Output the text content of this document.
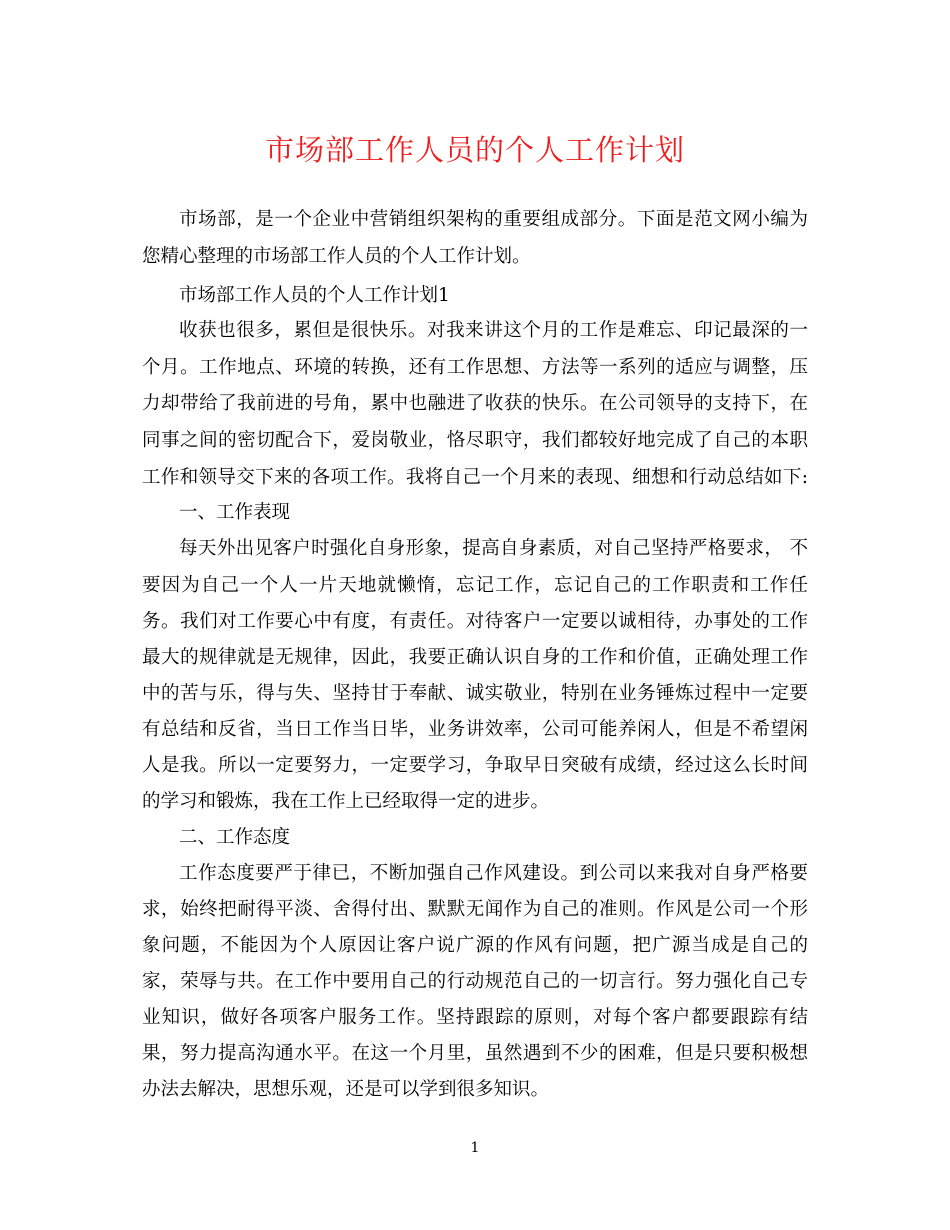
市场部工作人员的个人工作计划

市场部，是一个企业中营销组织架构的重要组成部分。下面是范文网小编为

您精心整理的市场部工作人员的个人工作计划。

市场部工作人员的个人工作计划1

收获也很多，累但是很快乐。对我来讲这个月的工作是难忘、印记最深的一

个月。工作地点、环境的转换，还有工作思想、方法等一系列的适应与调整，压

力却带给了我前进的号角，累中也融进了收获的快乐。在公司领导的支持下，在

同事之间的密切配合下，爱岗敬业，恪尽职守，我们都较好地完成了自己的本职

工作和领导交下来的各项工作。我将自己一个月来的表现、细想和行动总结如下:

一、工作表现

每天外出见客户时强化自身形象，提高自身素质，对自己坚持严格要求， 不

要因为自己一个人一片天地就懒惰，忘记工作，忘记自己的工作职责和工作任

务。我们对工作要心中有度，有责任。对待客户一定要以诚相待，办事处的工作

最大的规律就是无规律，因此，我要正确认识自身的工作和价值，正确处理工作

中的苦与乐，得与失、坚持甘于奉献、诚实敬业，特别在业务锤炼过程中一定要

有总结和反省，当日工作当日毕，业务讲效率，公司可能养闲人，但是不希望闲

人是我。所以一定要努力，一定要学习，争取早日突破有成绩，经过这么长时间

的学习和锻炼，我在工作上已经取得一定的进步。

二、工作态度

工作态度要严于律已，不断加强自己作风建设。到公司以来我对自身严格要

求，始终把耐得平淡、舍得付出、默默无闻作为自己的准则。作风是公司一个形

象问题，不能因为个人原因让客户说广源的作风有问题，把广源当成是自己的

家，荣辱与共。在工作中要用自己的行动规范自己的一切言行。努力强化自己专

业知识，做好各项客户服务工作。坚持跟踪的原则，对每个客户都要跟踪有结

果，努力提高沟通水平。在这一个月里，虽然遇到不少的困难，但是只要积极想

办法去解决，思想乐观，还是可以学到很多知识。

1
